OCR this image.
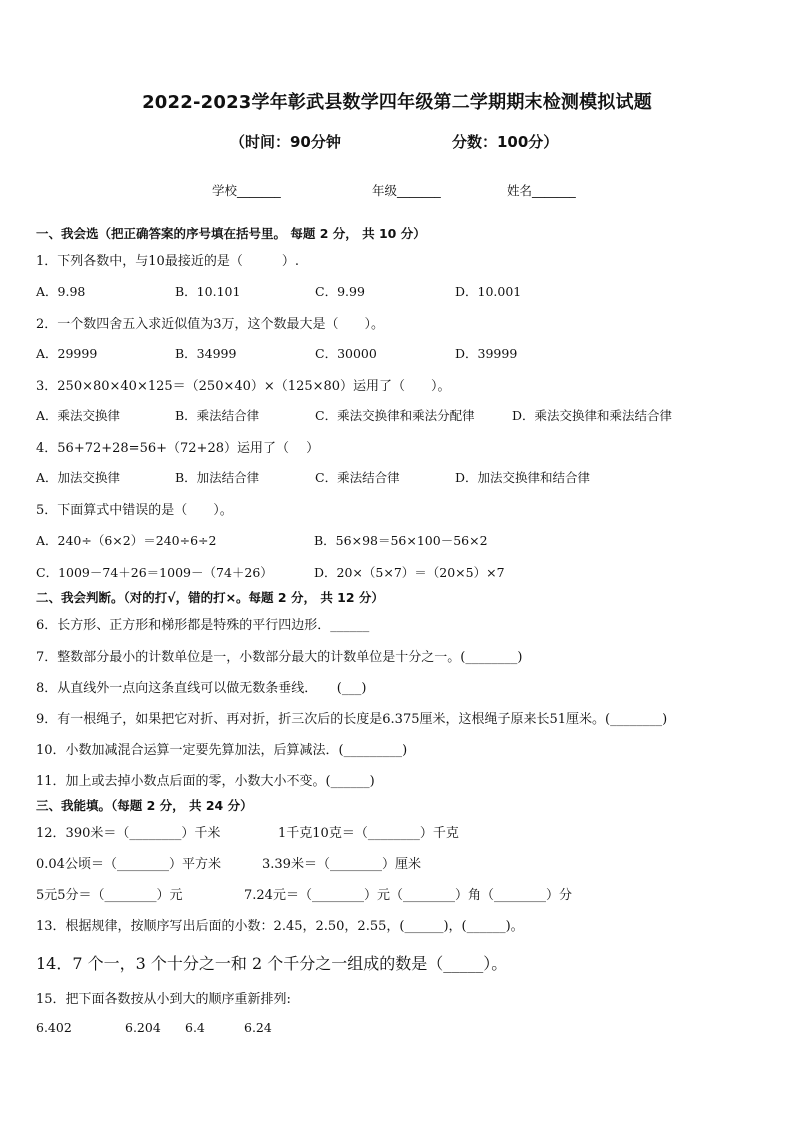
2022-2023学年彰武县数学四年级第二学期期末检测模拟试题
（时间：90分钟	分数：100分）
学校_______	年级_______	姓名_______
一、我会选（把正确答案的序号填在括号里。 每题 2 分， 共 10 分）
1．下列各数中，与10最接近的是（　　　）.
A．9.98	B．10.101	C．9.99	D．10.001
2．一个数四舍五入求近似值为3万，这个数最大是（　　）。
A．29999	B．34999	C．30000	D．39999
3．250×80×40×125＝（250×40）×（125×80）运用了（　　）。
A．乘法交换律	B．乘法结合律	C．乘法交换律和乘法分配律	D．乘法交换律和乘法结合律
4．56+72+28=56+（72+28）运用了（　 ）
A．加法交换律	B．加法结合律	C．乘法结合律	D．加法交换律和结合律
5．下面算式中错误的是（　　）。
A．240÷（6×2）＝240÷6÷2	B．56×98＝56×100－56×2
C．1009－74＋26＝1009－（74＋26）	D．20×（5×7）＝（20×5）×7
二、我会判断。（对的打√，错的打×。每题 2 分， 共 12 分）
6．长方形、正方形和梯形都是特殊的平行四边形．______
7．整数部分最小的计数单位是一，小数部分最大的计数单位是十分之一。(________)
8．从直线外一点向这条直线可以做无数条垂线．　　(___)
9．有一根绳子，如果把它对折、再对折，折三次后的长度是6.375厘米，这根绳子原来长51厘米。(________)
10．小数加减混合运算一定要先算加法，后算减法．(_________)
11．加上或去掉小数点后面的零，小数大小不变。(______)
三、我能填。（每题 2 分， 共 24 分）
12．390米＝（________）千米	1千克10克＝（________）千克
0.04公顷＝（________）平方米	3.39米＝（________）厘米
5元5分＝（________）元	7.24元＝（________）元（________）角（________）分
13．根据规律，按顺序写出后面的小数：2.45，2.50，2.55，(______)，(______)。
14．7 个一，3 个十分之一和 2 个千分之一组成的数是（_____）。
15．把下面各数按从小到大的顺序重新排列:
6.402	6.204 6.4	6.24
